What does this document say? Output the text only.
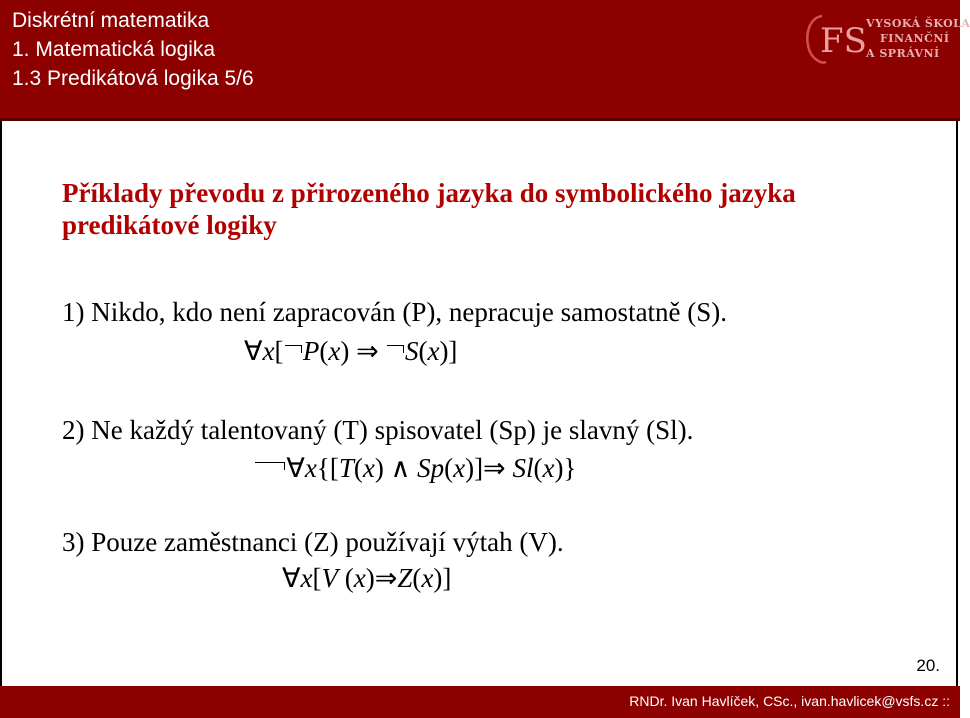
Diskrétní matematika
1. Matematická logika
1.3 Predikátová logika 5/6
FS VYSOKÁ ŠKOLA
FINANČNÍ
A SPRÁVNÍ
Příklady převodu z přirozeného jazyka do symbolického jazyka predikátové logiky
1) Nikdo, kdo není zapracován (P), nepracuje samostatně (S).
∀x[ P(x) ⇒ S(x)]
2) Ne každý talentovaný (T) spisovatel (Sp) je slavný (Sl).
∀x{[T(x) ∧ Sp(x)]⇒ Sl(x)}
3) Pouze zaměstnanci (Z) používají výtah (V).
∀x[V (x)⇒Z(x)]
20.
RNDr. Ivan Havlíček, CSc., ivan.havlicek@vsfs.cz ::
